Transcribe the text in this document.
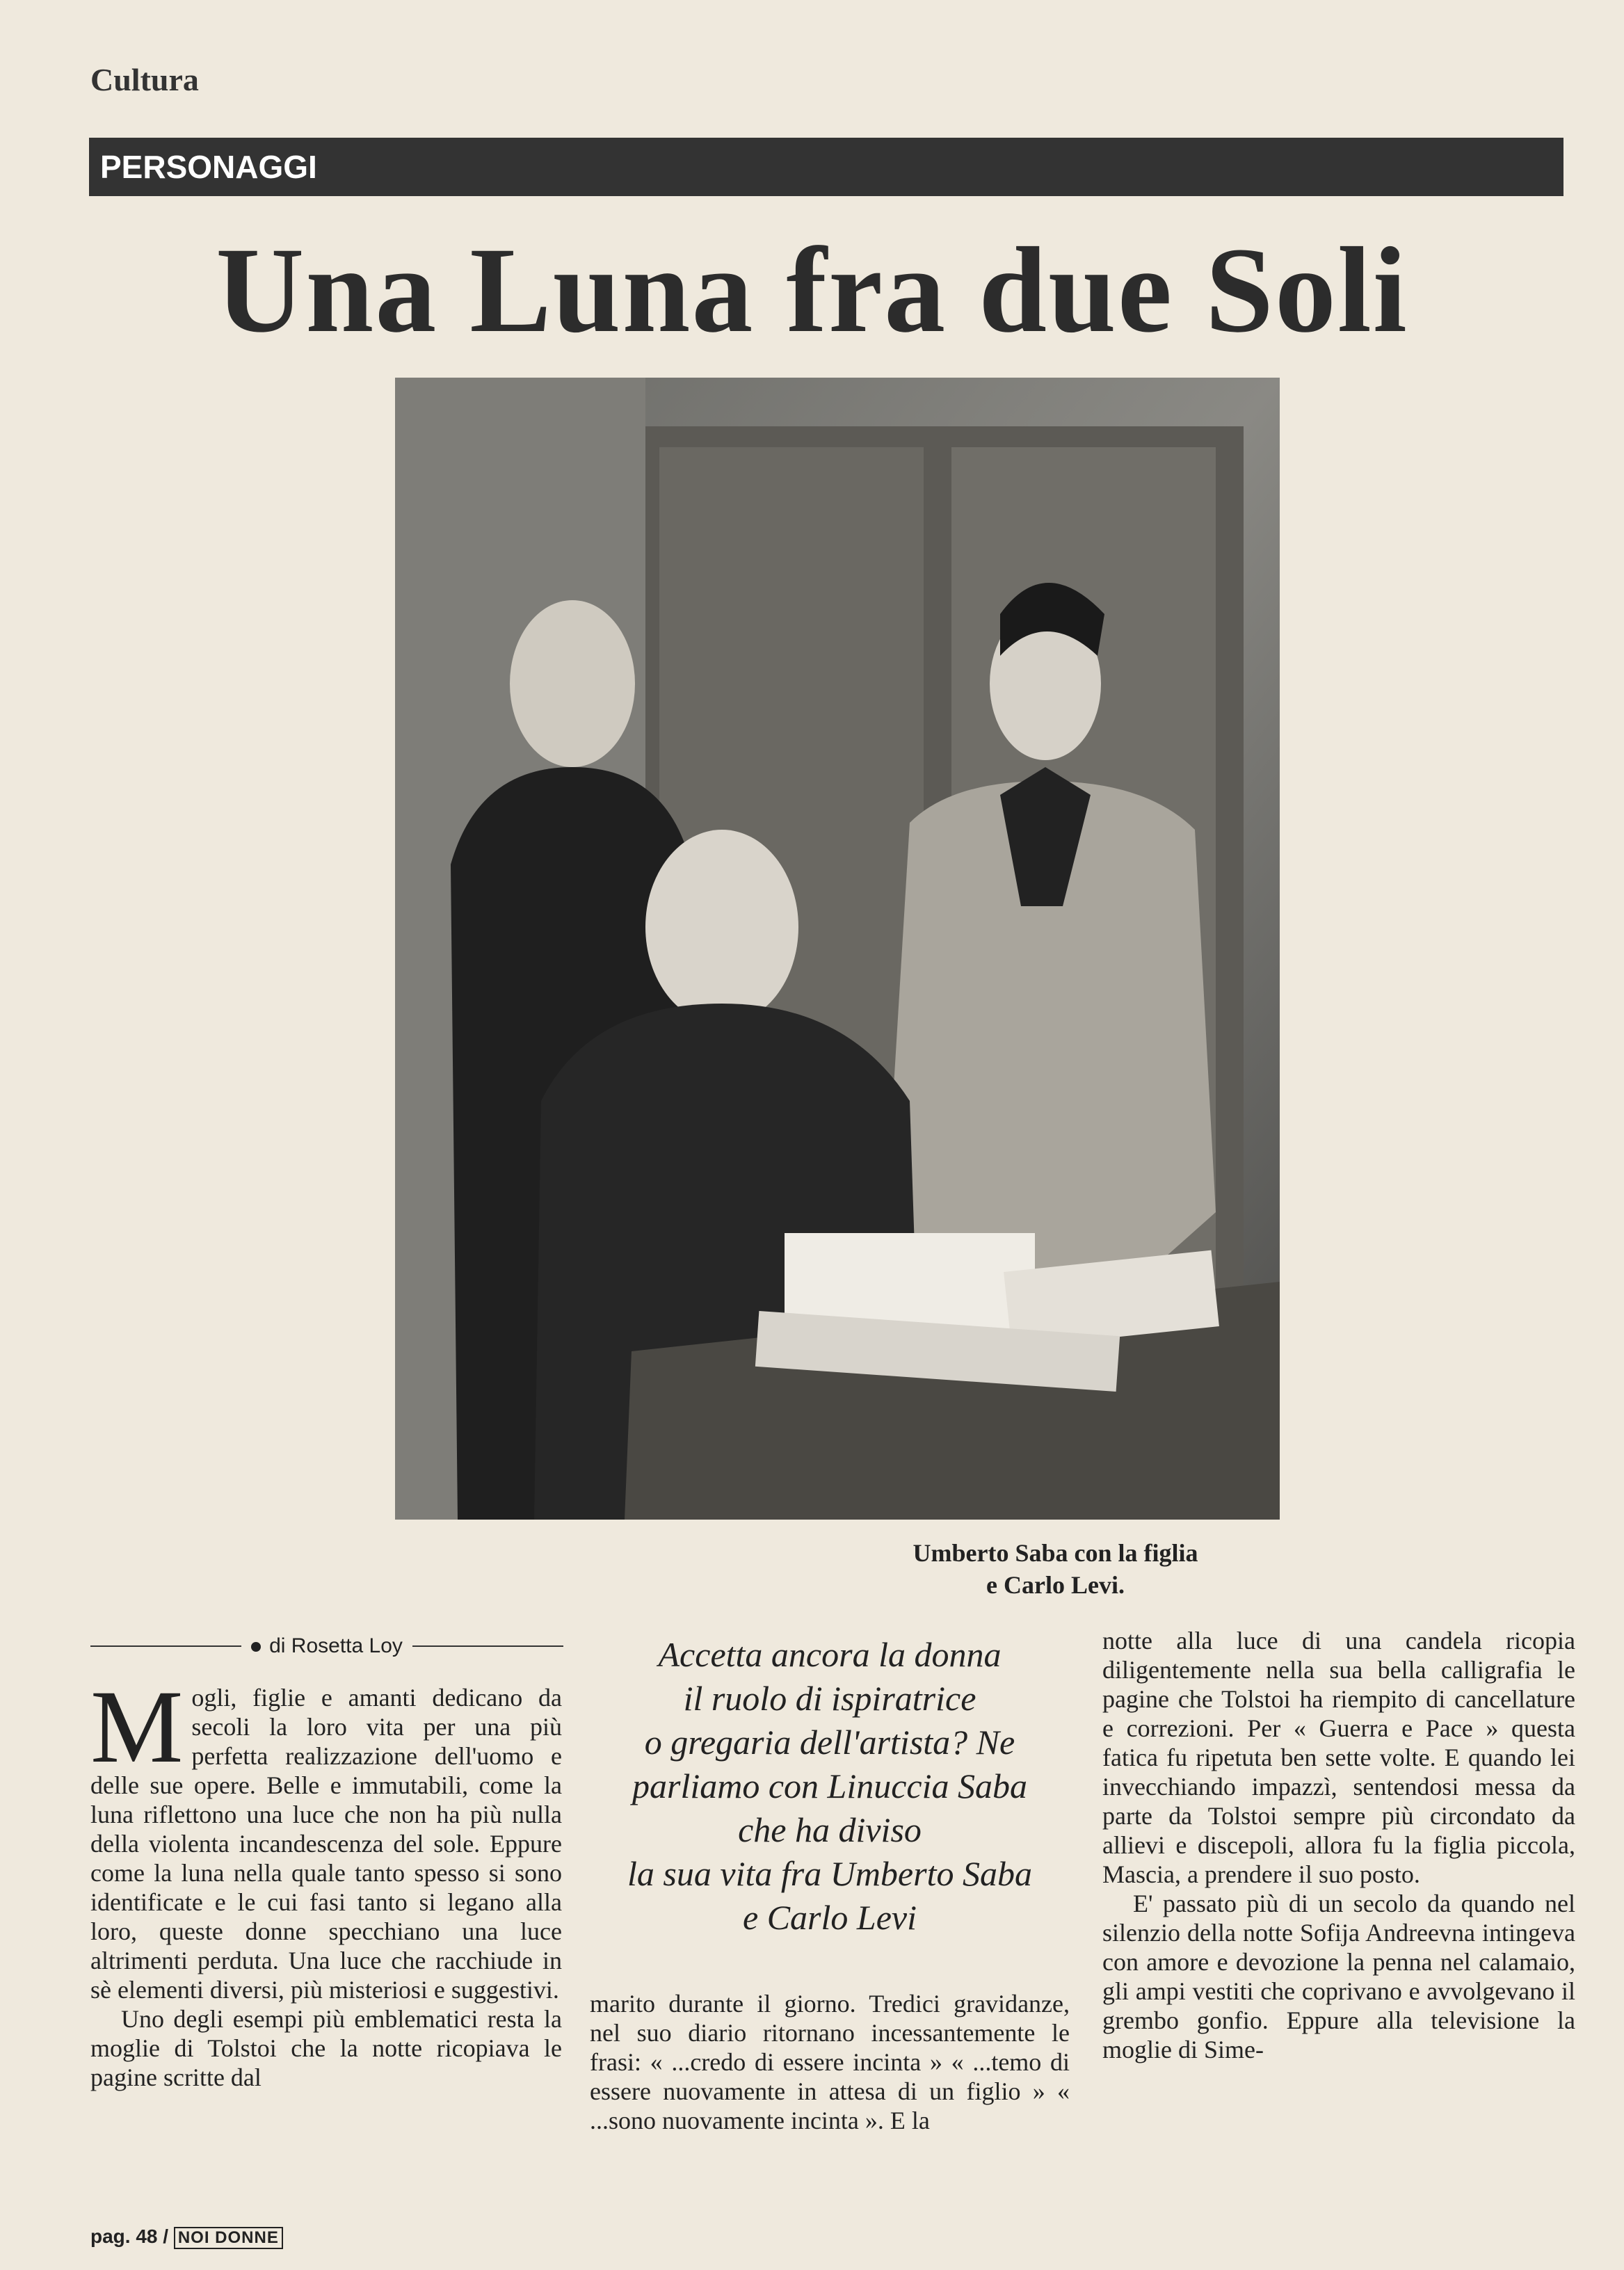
Cultura
PERSONAGGI
Una Luna fra due Soli
Umberto Saba con la figlia
e Carlo Levi.
di Rosetta Loy

Mogli, figlie e amanti dedicano da secoli la loro vita per una più perfetta realizzazione dell'uomo e delle sue opere. Belle e immutabili, come la luna riflettono una luce che non ha più nulla della violenta incandescenza del sole. Eppure come la luna nella quale tanto spesso si sono identificate e le cui fasi tanto si legano alla loro, queste donne specchiano una luce altrimenti perduta. Una luce che racchiude in sè elementi diversi, più misteriosi e suggestivi.

Uno degli esempi più emblematici resta la moglie di Tolstoi che la notte ricopiava le pagine scritte dal

Accetta ancora la donna
il ruolo di ispiratrice
o gregaria dell'artista? Ne
parliamo con Linuccia Saba
che ha diviso
la sua vita fra Umberto Saba
e Carlo Levi

marito durante il giorno. Tredici gravidanze, nel suo diario ritornano incessantemente le frasi: « ...credo di essere incinta » « ...temo di essere nuovamente in attesa di un figlio » « ...sono nuovamente incinta ». E la

notte alla luce di una candela ricopia diligentemente nella sua bella calligrafia le pagine che Tolstoi ha riempito di cancellature e correzioni. Per « Guerra e Pace » questa fatica fu ripetuta ben sette volte. E quando lei invecchiando impazzì, sentendosi messa da parte da Tolstoi sempre più circondato da allievi e discepoli, allora fu la figlia piccola, Mascia, a prendere il suo posto.

E' passato più di un secolo da quando nel silenzio della notte Sofija Andreevna intingeva con amore e devozione la penna nel calamaio, gli ampi vestiti che coprivano e avvolgevano il grembo gonfio. Eppure alla televisione la moglie di Sime-

pag. 48 / NOI DONNE
